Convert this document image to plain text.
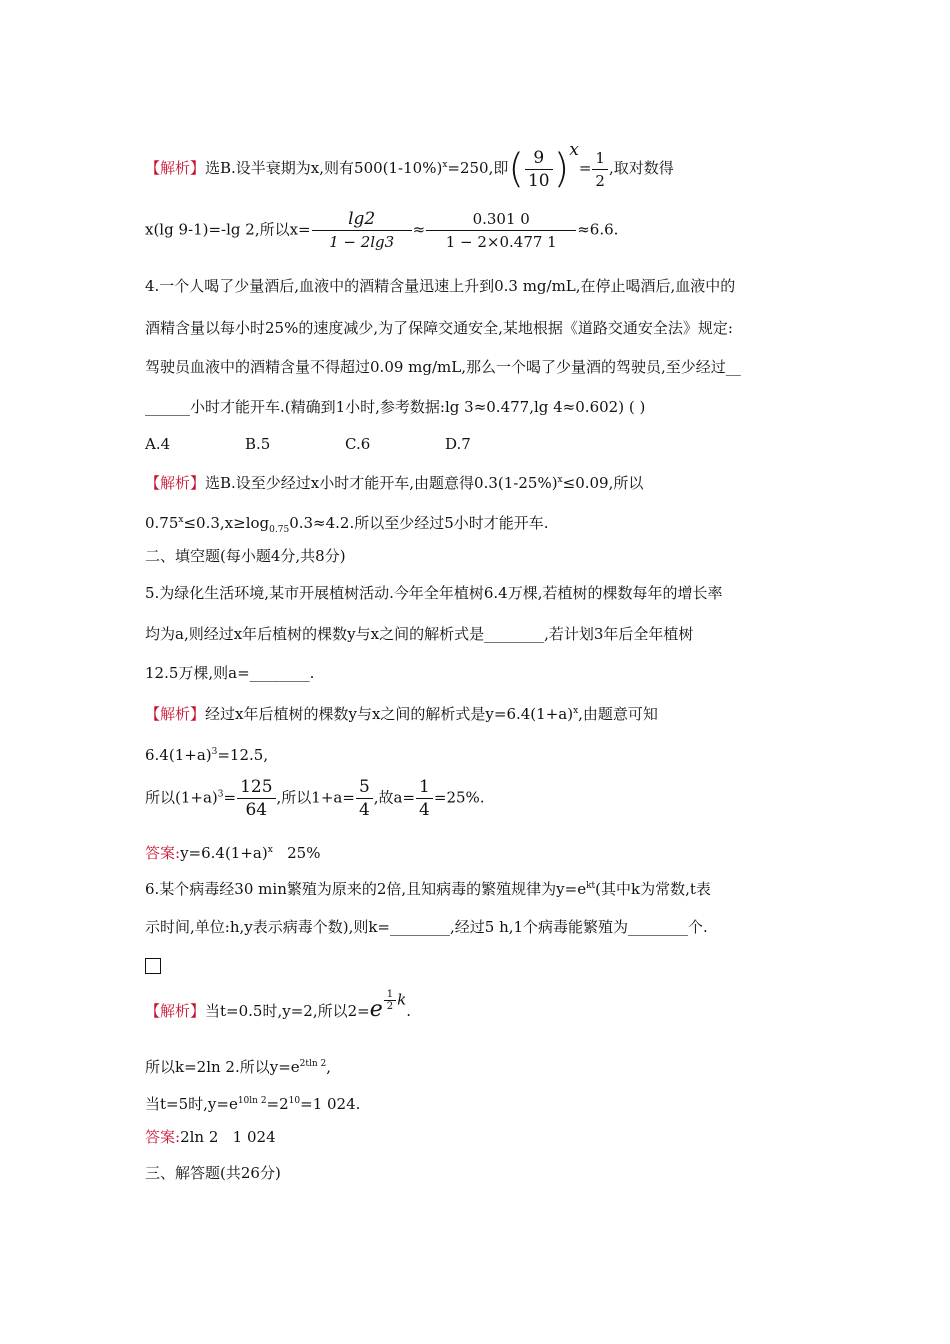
【解析】选B.设半衰期为x,则有$500(1-10\%)^x=250$,即( $\frac{9}{10} )x= \frac{1}{2}$ ,取对数得
x(lg 9-1)=-lg 2,所以$x= \frac{\lg 2}{1 - 2\lg 3} \approx \frac{0.301 0}{1 - 2\times 0.477 1} \approx 6.6$.
4.一个人喝了少量酒后,血液中的酒精含量迅速上升到0.3 mg/mL,在停止喝酒后,血液中的
酒精含量以每小时25%的速度减少,为了保障交通安全,某地根据《道路交通安全法》规定:
驾驶员血液中的酒精含量不得超过0.09 mg/mL,那么一个喝了少量酒的驾驶员,至少经过__
______小时才能开车.(精确到1小时,参考数据:lg 3≈0.477,lg 4≈0.602) ( )
A.4	B.5	C.6	D.7
【解析】选B.设至少经过x小时才能开车,由题意得$0.3(1-25\%)^x\le 0.09$,所以
$0.75^x\le 0.3,x\ge\log_{0.75}0.3\approx 4.2$.所以至少经过5小时才能开车.
二、填空题(每小题4分,共8分)
5.为绿化生活环境,某市开展植树活动.今年全年植树6.4万棵,若植树的棵数每年的增长率
均为a,则经过x年后植树的棵数y与x之间的解析式是________,若计划3年后全年植树
12.5万棵,则a=________.
【解析】经过x年后植树的棵数y与x之间的解析式是$y=6.4(1+a)^x$,由题意可知
$6.4(1+a)^3=12.5$,
所以$(1+a)^3= \frac{125}{64}$ ,所以$1+a= \frac{5}{4}$ ,故$a= \frac{1}{4} =25\%$.
答案$:y=6.4(1+a)^x$   25%
6.某个病毒经30 min繁殖为原来的2倍,且知病毒的繁殖规律为$y=e^{kt}$(其中k为常数,t表
示时间,单位:h,y表示病毒个数),则k=________,经过5 h,1个病毒能繁殖为________个.
【解析】当t=0.5时,y=2,所以$2=e \frac{1}{2} k$.
所以k=2ln 2.所以$y=e^{2tln 2}$,
当t=5时$,y=e^{10ln 2}=2^{10}=1$ 024.
答案:2ln 2   1 024
三、解答题(共26分)
